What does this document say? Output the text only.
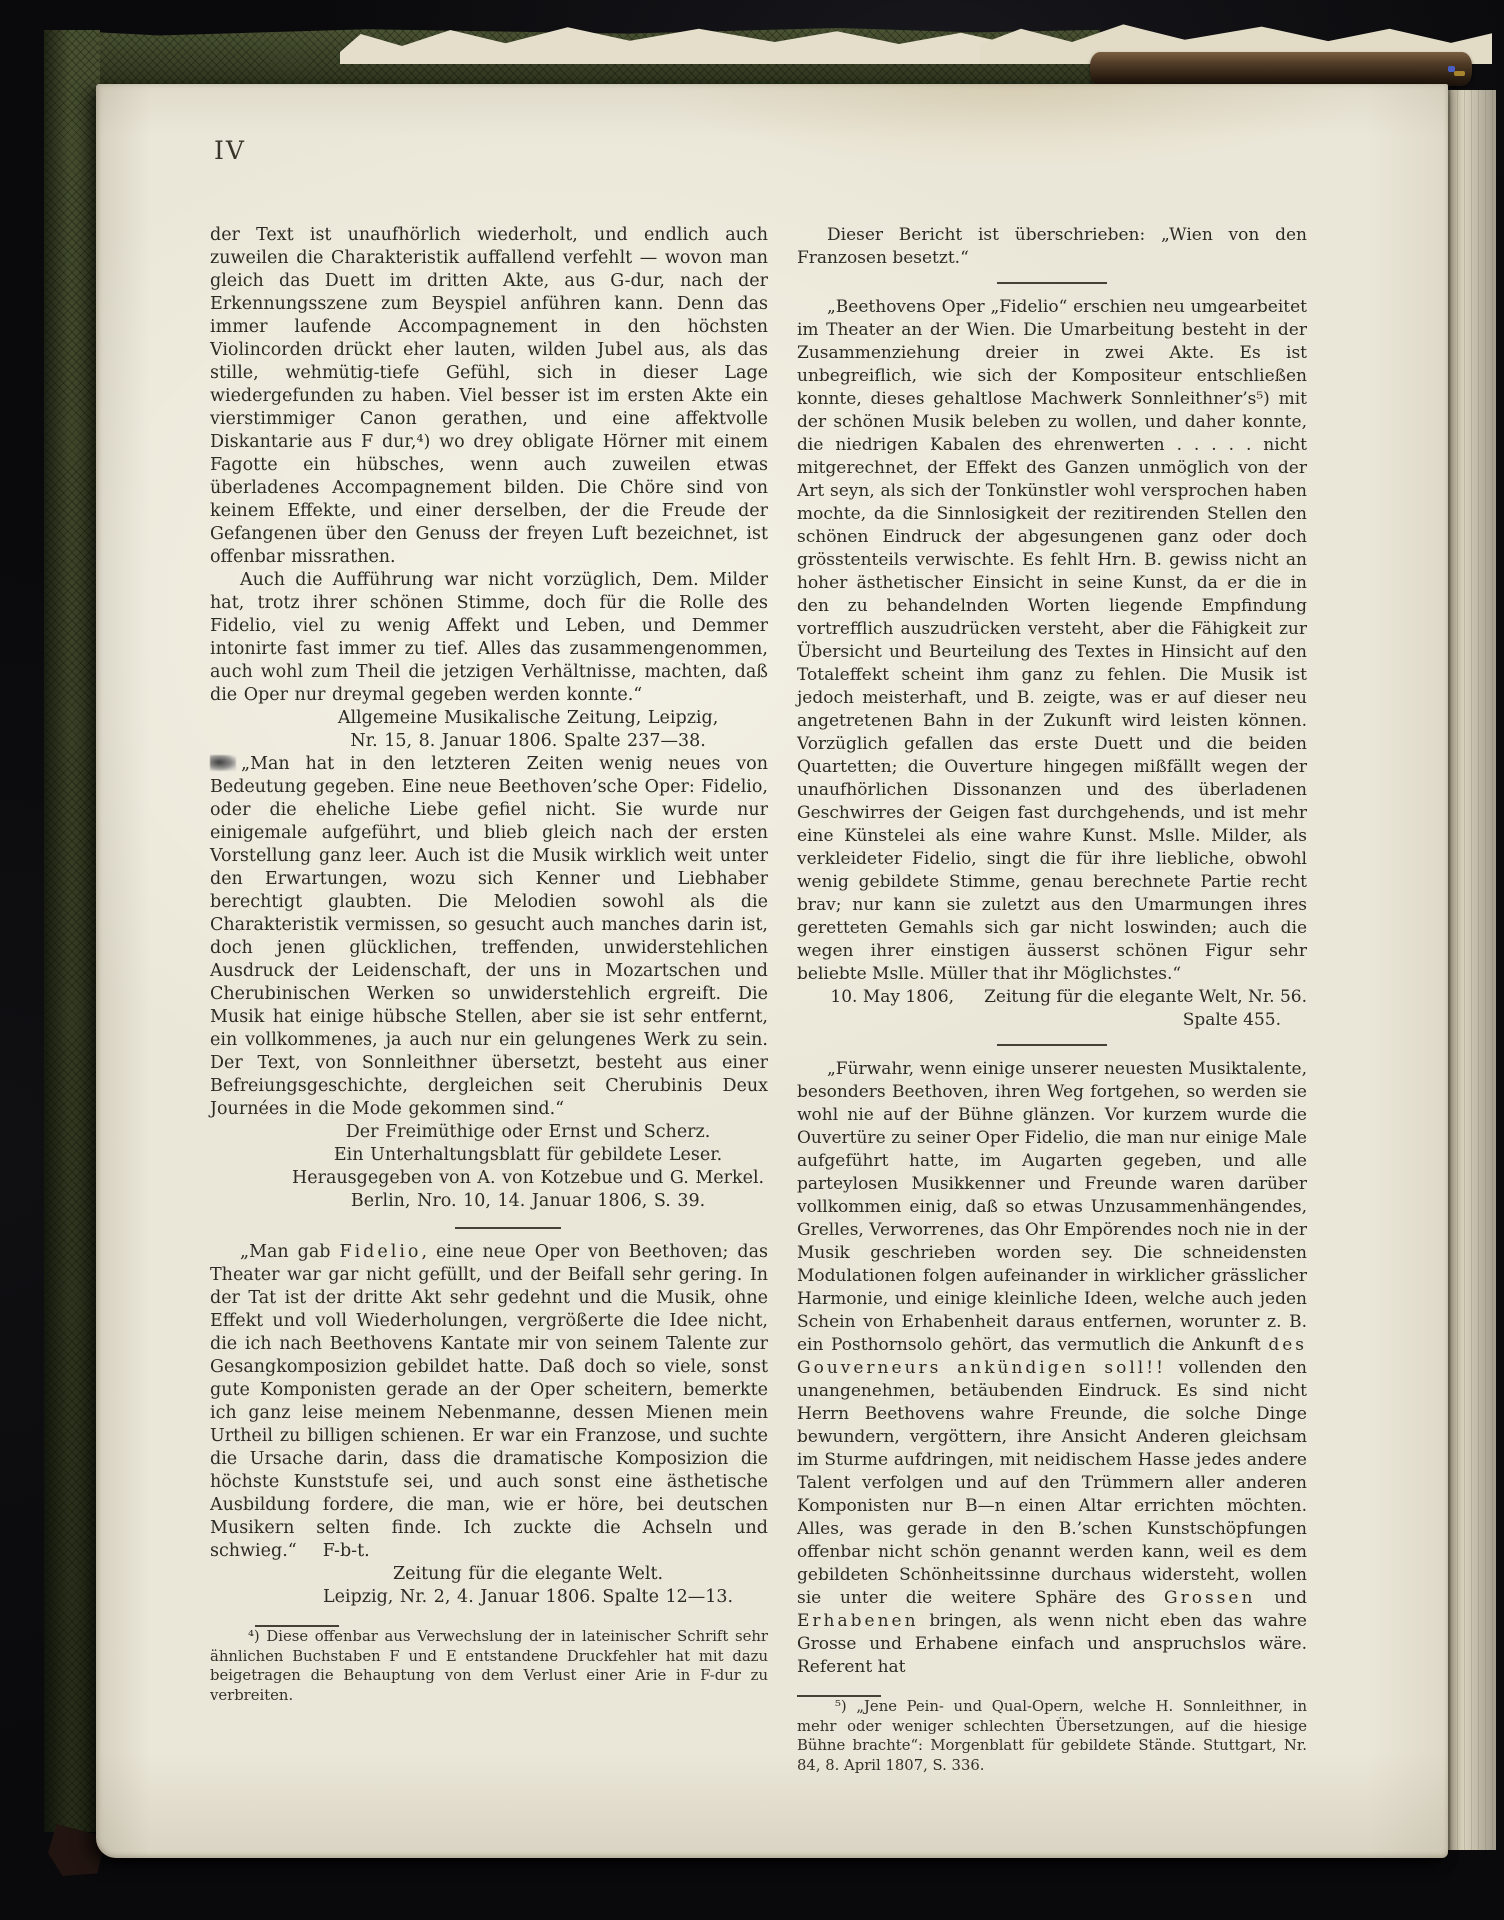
IV

der Text ist unaufhörlich wiederholt, und endlich auch zuweilen die Charakteristik auffallend verfehlt — wovon man gleich das Duett im dritten Akte, aus G-dur, nach der Erkennungsszene zum Beyspiel anführen kann. Denn das immer laufende Accompagnement in den höchsten Violincorden drückt eher lauten, wilden Jubel aus, als das stille, wehmütig-tiefe Gefühl, sich in dieser Lage wiedergefunden zu haben. Viel besser ist im ersten Akte ein vierstimmiger Canon gerathen, und eine affektvolle Diskantarie aus F dur,⁴) wo drey obligate Hörner mit einem Fagotte ein hübsches, wenn auch zuweilen etwas überladenes Accompagnement bilden. Die Chöre sind von keinem Effekte, und einer derselben, der die Freude der Gefangenen über den Genuss der freyen Luft bezeichnet, ist offenbar missrathen.

Auch die Aufführung war nicht vorzüglich, Dem. Milder hat, trotz ihrer schönen Stimme, doch für die Rolle des Fidelio, viel zu wenig Affekt und Leben, und Demmer intonirte fast immer zu tief. Alles das zusammengenommen, auch wohl zum Theil die jetzigen Verhältnisse, machten, daß die Oper nur dreymal gegeben werden konnte.“

Allgemeine Musikalische Zeitung, Leipzig,
Nr. 15, 8. Januar 1806. Spalte 237—38.

„Man hat in den letzteren Zeiten wenig neues von Bedeutung gegeben. Eine neue Beethoven’sche Oper: Fidelio, oder die eheliche Liebe gefiel nicht. Sie wurde nur einigemale aufgeführt, und blieb gleich nach der ersten Vorstellung ganz leer. Auch ist die Musik wirklich weit unter den Erwartungen, wozu sich Kenner und Liebhaber berechtigt glaubten. Die Melodien sowohl als die Charakteristik vermissen, so gesucht auch manches darin ist, doch jenen glücklichen, treffenden, unwiderstehlichen Ausdruck der Leidenschaft, der uns in Mozartschen und Cherubinischen Werken so unwiderstehlich ergreift. Die Musik hat einige hübsche Stellen, aber sie ist sehr entfernt, ein vollkommenes, ja auch nur ein gelungenes Werk zu sein. Der Text, von Sonnleithner übersetzt, besteht aus einer Befreiungsgeschichte, dergleichen seit Cherubinis Deux Journées in die Mode gekommen sind.“

Der Freimüthige oder Ernst und Scherz.
Ein Unterhaltungsblatt für gebildete Leser.
Herausgegeben von A. von Kotzebue und G. Merkel.
Berlin, Nro. 10, 14. Januar 1806, S. 39.

„Man gab Fidelio, eine neue Oper von Beethoven; das Theater war gar nicht gefüllt, und der Beifall sehr gering. In der Tat ist der dritte Akt sehr gedehnt und die Musik, ohne Effekt und voll Wiederholungen, vergrößerte die Idee nicht, die ich nach Beethovens Kantate mir von seinem Talente zur Gesangkomposizion gebildet hatte. Daß doch so viele, sonst gute Komponisten gerade an der Oper scheitern, bemerkte ich ganz leise meinem Nebenmanne, dessen Mienen mein Urtheil zu billigen schienen. Er war ein Franzose, und suchte die Ursache darin, dass die dramatische Komposizion die höchste Kunststufe sei, und auch sonst eine ästhetische Ausbildung fordere, die man, wie er höre, bei deutschen Musikern selten finde. Ich zuckte die Achseln und schwieg.“ F-b-t.

Zeitung für die elegante Welt.
Leipzig, Nr. 2, 4. Januar 1806. Spalte 12—13.

⁴) Diese offenbar aus Verwechslung der in lateinischer Schrift sehr ähnlichen Buchstaben F und E entstandene Druckfehler hat mit dazu beigetragen die Behauptung von dem Verlust einer Arie in F-dur zu verbreiten.

Dieser Bericht ist überschrieben: „Wien von den Franzosen besetzt.“

„Beethovens Oper „Fidelio“ erschien neu umgearbeitet im Theater an der Wien. Die Umarbeitung besteht in der Zusammenziehung dreier in zwei Akte. Es ist unbegreiflich, wie sich der Kompositeur entschließen konnte, dieses gehaltlose Machwerk Sonnleithner’s⁵) mit der schönen Musik beleben zu wollen, und daher konnte, die niedrigen Kabalen des ehrenwerten . . . . . nicht mitgerechnet, der Effekt des Ganzen unmöglich von der Art seyn, als sich der Tonkünstler wohl versprochen haben mochte, da die Sinnlosigkeit der rezitirenden Stellen den schönen Eindruck der abgesungenen ganz oder doch grösstenteils verwischte. Es fehlt Hrn. B. gewiss nicht an hoher ästhetischer Einsicht in seine Kunst, da er die in den zu behandelnden Worten liegende Empfindung vortrefflich auszudrücken versteht, aber die Fähigkeit zur Übersicht und Beurteilung des Textes in Hinsicht auf den Totaleffekt scheint ihm ganz zu fehlen. Die Musik ist jedoch meisterhaft, und B. zeigte, was er auf dieser neu angetretenen Bahn in der Zukunft wird leisten können. Vorzüglich gefallen das erste Duett und die beiden Quartetten; die Ouverture hingegen mißfällt wegen der unaufhörlichen Dissonanzen und des überladenen Geschwirres der Geigen fast durchgehends, und ist mehr eine Künstelei als eine wahre Kunst. Mslle. Milder, als verkleideter Fidelio, singt die für ihre liebliche, obwohl wenig gebildete Stimme, genau berechnete Partie recht brav; nur kann sie zuletzt aus den Umarmungen ihres geretteten Gemahls sich gar nicht loswinden; auch die wegen ihrer einstigen äusserst schönen Figur sehr beliebte Mslle. Müller that ihr Möglichstes.“
Zeitung für die elegante Welt, Nr. 56.

10. May 1806, Spalte 455.

„Fürwahr, wenn einige unserer neuesten Musiktalente, besonders Beethoven, ihren Weg fortgehen, so werden sie wohl nie auf der Bühne glänzen. Vor kurzem wurde die Ouvertüre zu seiner Oper Fidelio, die man nur einige Male aufgeführt hatte, im Augarten gegeben, und alle parteylosen Musikkenner und Freunde waren darüber vollkommen einig, daß so etwas Unzusammenhängendes, Grelles, Verworrenes, das Ohr Empörendes noch nie in der Musik geschrieben worden sey. Die schneidensten Modulationen folgen aufeinander in wirklicher grässlicher Harmonie, und einige kleinliche Ideen, welche auch jeden Schein von Erhabenheit daraus entfernen, worunter z. B. ein Posthornsolo gehört, das vermutlich die Ankunft des Gouverneurs ankündigen soll!! vollenden den unangenehmen, betäubenden Eindruck. Es sind nicht Herrn Beethovens wahre Freunde, die solche Dinge bewundern, vergöttern, ihre Ansicht Anderen gleichsam im Sturme aufdringen, mit neidischem Hasse jedes andere Talent verfolgen und auf den Trümmern aller anderen Komponisten nur B—n einen Altar errichten möchten. Alles, was gerade in den B.’schen Kunstschöpfungen offenbar nicht schön genannt werden kann, weil es dem gebildeten Schönheitssinne durchaus widersteht, wollen sie unter die weitere Sphäre des Grossen und Erhabenen bringen, als wenn nicht eben das wahre Grosse und Erhabene einfach und anspruchslos wäre. Referent hat

⁵) „Jene Pein- und Qual-Opern, welche H. Sonnleithner, in mehr oder weniger schlechten Übersetzungen, auf die hiesige Bühne brachte“: Morgenblatt für gebildete Stände. Stuttgart, Nr. 84, 8. April 1807, S. 336.
